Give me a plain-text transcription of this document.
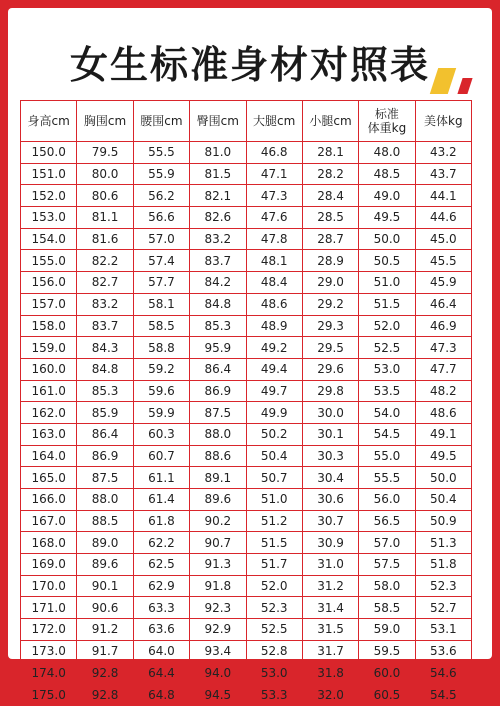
女生标准身材对照表
身高cm	胸围cm	腰围cm	臀围cm	大腿cm	小腿cm	标准
体重kg	美体kg
150.0	79.5	55.5	81.0	46.8	28.1	48.0	43.2
151.0	80.0	55.9	81.5	47.1	28.2	48.5	43.7
152.0	80.6	56.2	82.1	47.3	28.4	49.0	44.1
153.0	81.1	56.6	82.6	47.6	28.5	49.5	44.6
154.0	81.6	57.0	83.2	47.8	28.7	50.0	45.0
155.0	82.2	57.4	83.7	48.1	28.9	50.5	45.5
156.0	82.7	57.7	84.2	48.4	29.0	51.0	45.9
157.0	83.2	58.1	84.8	48.6	29.2	51.5	46.4
158.0	83.7	58.5	85.3	48.9	29.3	52.0	46.9
159.0	84.3	58.8	95.9	49.2	29.5	52.5	47.3
160.0	84.8	59.2	86.4	49.4	29.6	53.0	47.7
161.0	85.3	59.6	86.9	49.7	29.8	53.5	48.2
162.0	85.9	59.9	87.5	49.9	30.0	54.0	48.6
163.0	86.4	60.3	88.0	50.2	30.1	54.5	49.1
164.0	86.9	60.7	88.6	50.4	30.3	55.0	49.5
165.0	87.5	61.1	89.1	50.7	30.4	55.5	50.0
166.0	88.0	61.4	89.6	51.0	30.6	56.0	50.4
167.0	88.5	61.8	90.2	51.2	30.7	56.5	50.9
168.0	89.0	62.2	90.7	51.5	30.9	57.0	51.3
169.0	89.6	62.5	91.3	51.7	31.0	57.5	51.8
170.0	90.1	62.9	91.8	52.0	31.2	58.0	52.3
171.0	90.6	63.3	92.3	52.3	31.4	58.5	52.7
172.0	91.2	63.6	92.9	52.5	31.5	59.0	53.1
173.0	91.7	64.0	93.4	52.8	31.7	59.5	53.6
174.0	92.8	64.4	94.0	53.0	31.8	60.0	54.6
175.0	92.8	64.8	94.5	53.3	32.0	60.5	54.5
